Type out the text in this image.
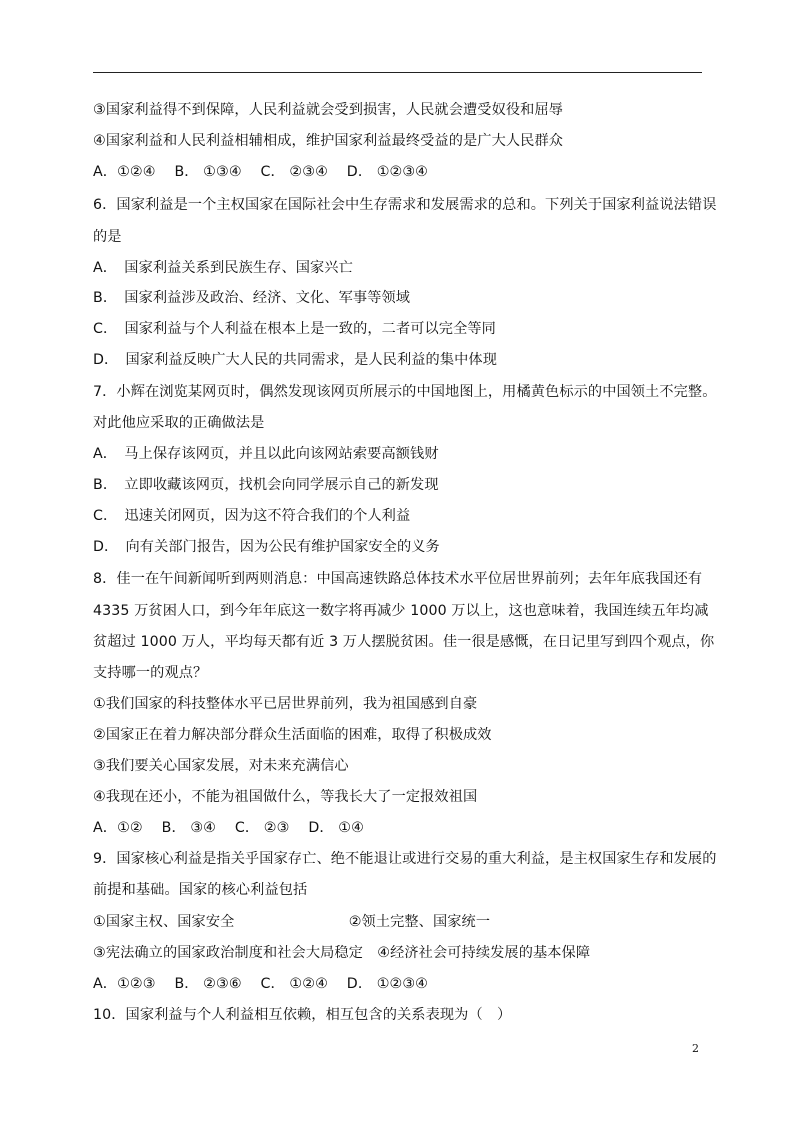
③国家利益得不到保障，人民利益就会受到损害，人民就会遭受奴役和屈辱
④国家利益和人民利益相辅相成，维护国家利益最终受益的是广大人民群众
A．①②④　 B． ①③④　 C． ②③④　 D． ①②③④
6．国家利益是一个主权国家在国际社会中生存需求和发展需求的总和。下列关于国家利益说法错误
的是
A．　国家利益关系到民族生存、国家兴亡
B．　国家利益涉及政治、经济、文化、军事等领域
C．　国家利益与个人利益在根本上是一致的，二者可以完全等同
D．　国家利益反映广大人民的共同需求，是人民利益的集中体现
7．小辉在浏览某网页时，偶然发现该网页所展示的中国地图上，用橘黄色标示的中国领土不完整。
对此他应采取的正确做法是
A．　马上保存该网页，并且以此向该网站索要高额钱财
B．　立即收藏该网页，找机会向同学展示自己的新发现
C．　迅速关闭网页，因为这不符合我们的个人利益
D．　向有关部门报告，因为公民有维护国家安全的义务
8．佳一在午间新闻听到两则消息：中国高速铁路总体技术水平位居世界前列；去年年底我国还有
4335 万贫困人口，到今年年底这一数字将再减少 1000 万以上，这也意味着，我国连续五年均减
贫超过 1000 万人，平均每天都有近 3 万人摆脱贫困。佳一很是感慨，在日记里写到四个观点，你
支持哪一的观点？
①我们国家的科技整体水平已居世界前列，我为祖国感到自豪
②国家正在着力解决部分群众生活面临的困难，取得了积极成效
③我们要关心国家发展，对未来充满信心
④我现在还小，不能为祖国做什么，等我长大了一定报效祖国
A．①②　 B． ③④　 C． ②③　 D． ①④
9．国家核心利益是指关乎国家存亡、绝不能退让或进行交易的重大利益，是主权国家生存和发展的
前提和基础。国家的核心利益包括
①国家主权、国家安全　　　　　　　　②领土完整、国家统一
③宪法确立的国家政治制度和社会大局稳定　④经济社会可持续发展的基本保障
A．①②③　 B． ②③⑥　 C． ①②④　 D． ①②③④
10．国家利益与个人利益相互依赖，相互包含的关系表现为（　）
2
